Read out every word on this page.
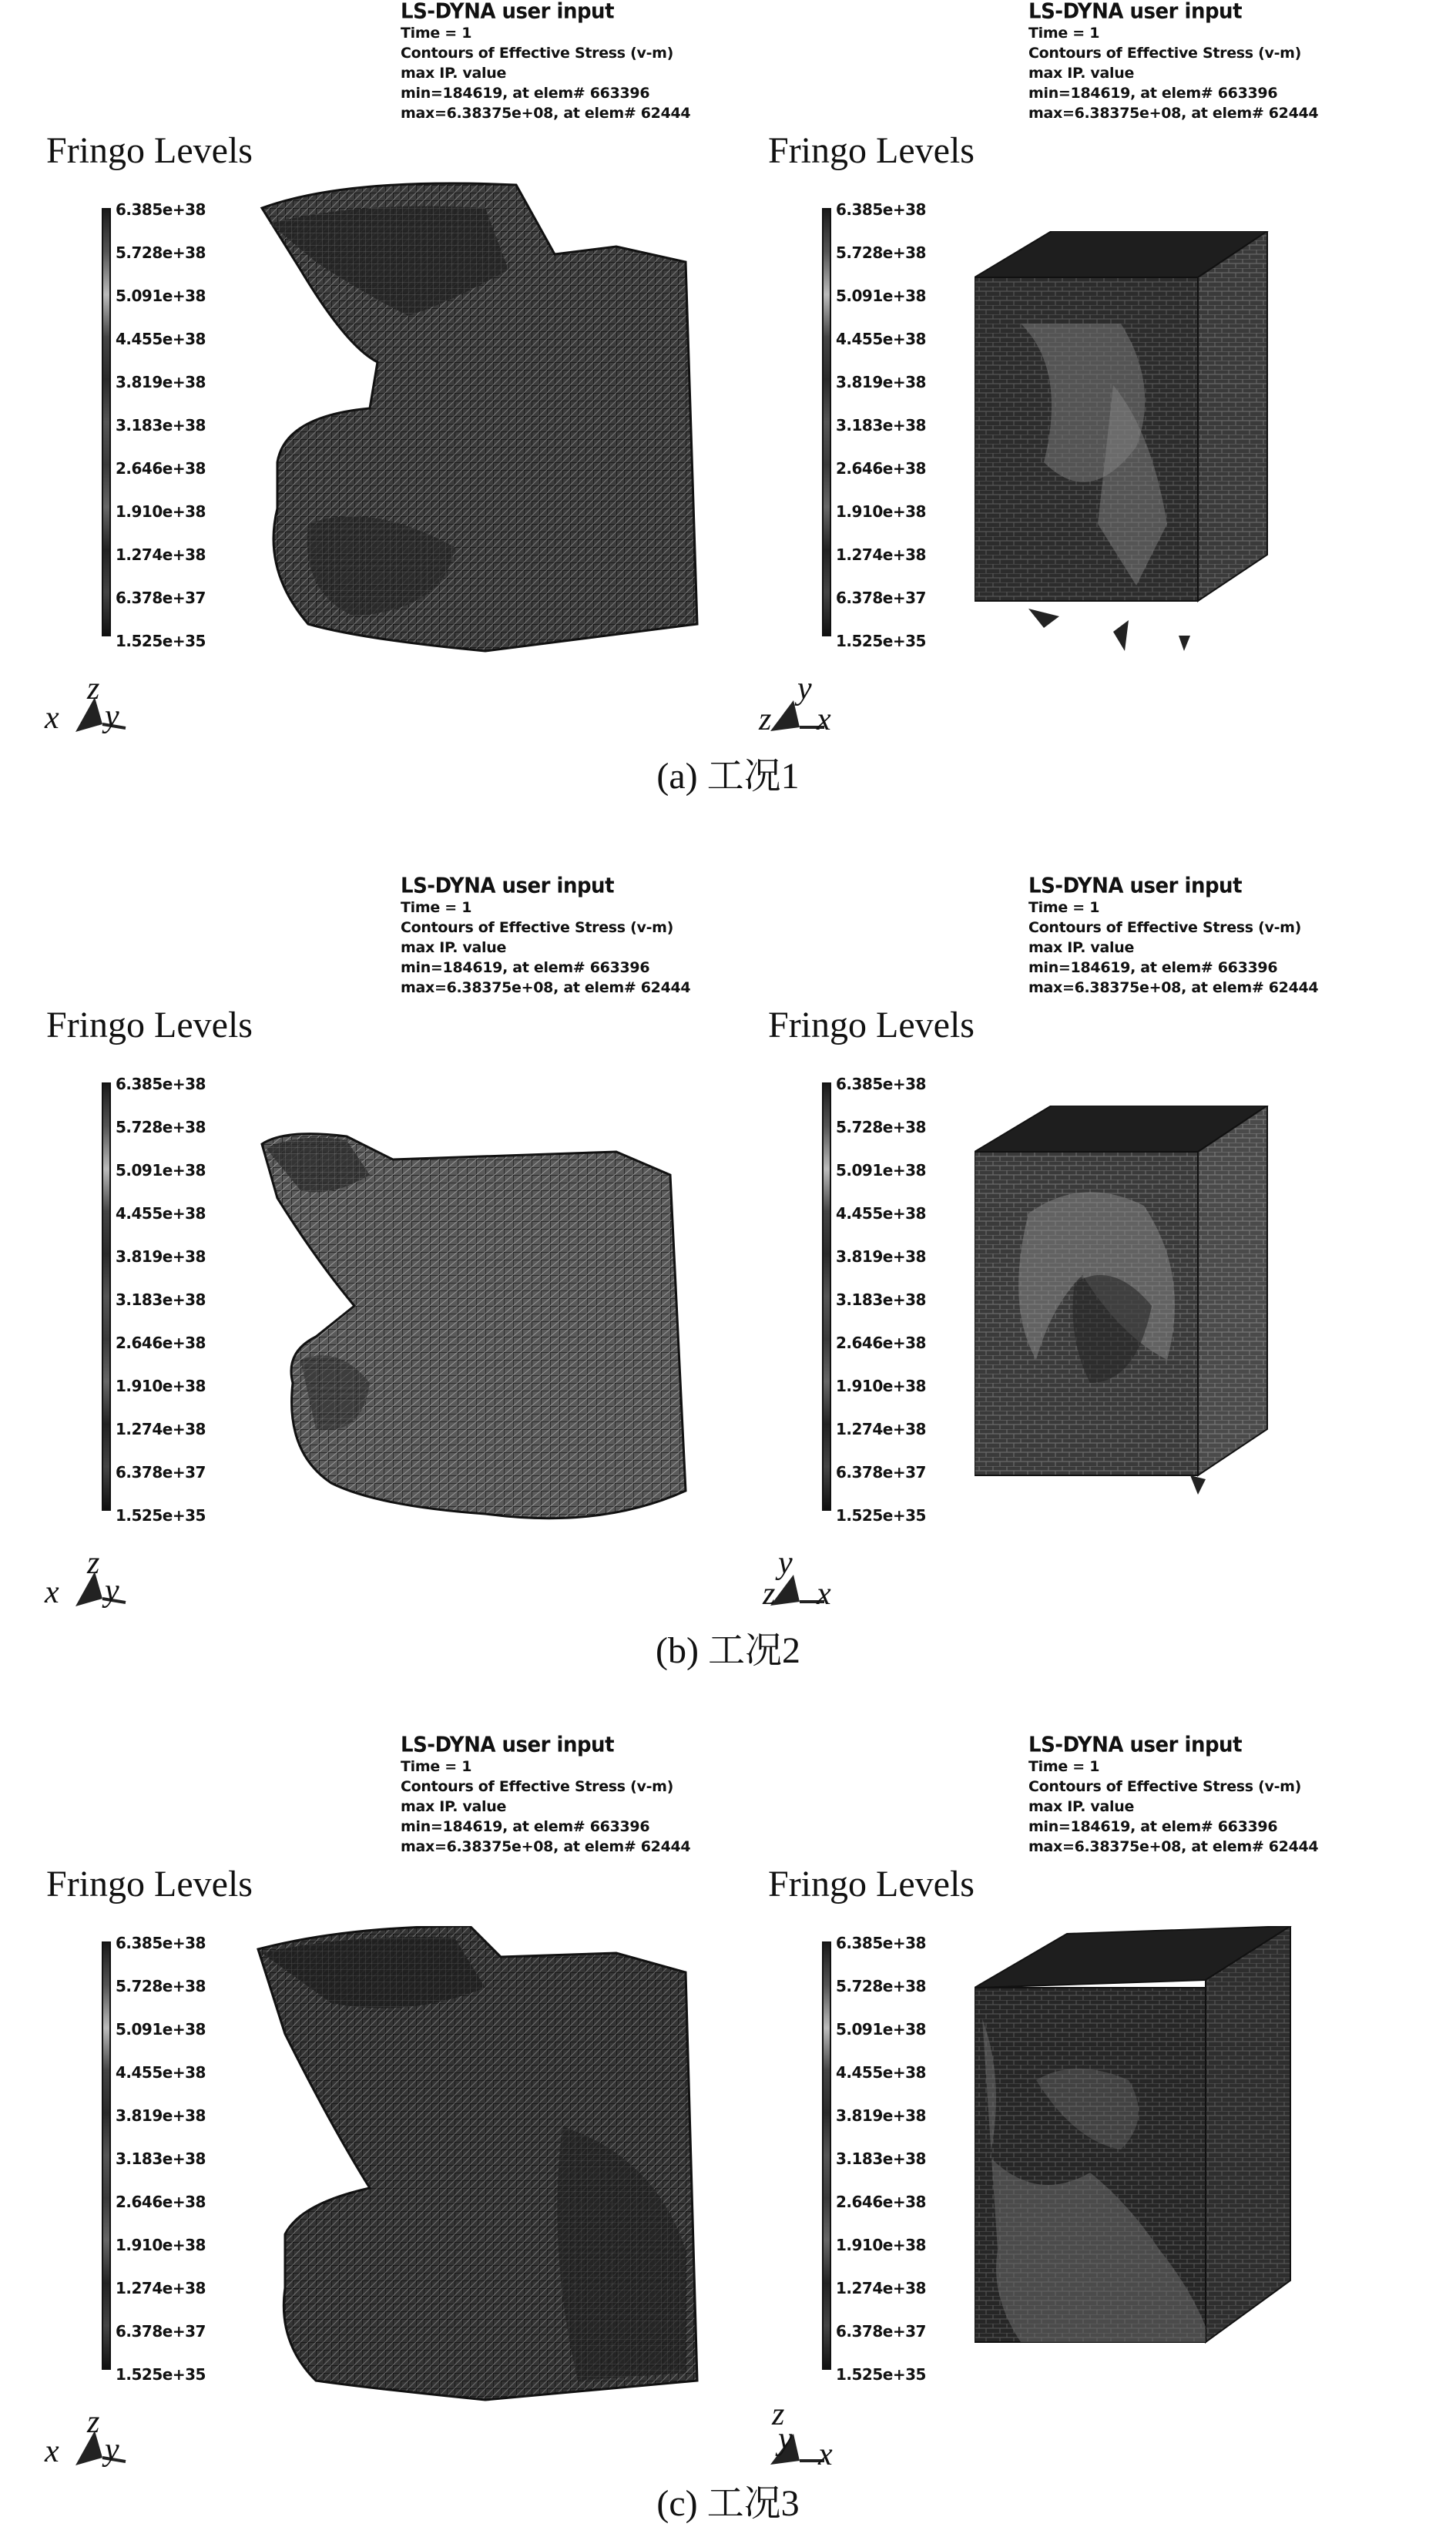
LS-DYNA user input
Time = 1
Contours of Effective Stress (v-m)
max IP. value
min=184619, at elem# 663396
max=6.38375e+08, at elem# 62444
Fringo Levels
6.385e+38
5.728e+38
5.091e+38
4.455e+38
3.819e+38
3.183e+38
2.646e+38
1.910e+38
1.274e+38
6.378e+37
1.525e+35
x
z
y
LS-DYNA user input
Time = 1
Contours of Effective Stress (v-m)
max IP. value
min=184619, at elem# 663396
max=6.38375e+08, at elem# 62444
Fringo Levels
6.385e+38
5.728e+38
5.091e+38
4.455e+38
3.819e+38
3.183e+38
2.646e+38
1.910e+38
1.274e+38
6.378e+37
1.525e+35
y
z x
(a) 工况1
LS-DYNA user input
Time = 1
Contours of Effective Stress (v-m)
max IP. value
min=184619, at elem# 663396
max=6.38375e+08, at elem# 62444
Fringo Levels
6.385e+38
5.728e+38
5.091e+38
4.455e+38
3.819e+38
3.183e+38
2.646e+38
1.910e+38
1.274e+38
6.378e+37
1.525e+35
x
z
y
LS-DYNA user input
Time = 1
Contours of Effective Stress (v-m)
max IP. value
min=184619, at elem# 663396
max=6.38375e+08, at elem# 62444
Fringo Levels
6.385e+38
5.728e+38
5.091e+38
4.455e+38
3.819e+38
3.183e+38
2.646e+38
1.910e+38
1.274e+38
6.378e+37
1.525e+35
y
z x
(b) 工况2
LS-DYNA user input
Time = 1
Contours of Effective Stress (v-m)
max IP. value
min=184619, at elem# 663396
max=6.38375e+08, at elem# 62444
Fringo Levels
6.385e+38
5.728e+38
5.091e+38
4.455e+38
3.819e+38
3.183e+38
2.646e+38
1.910e+38
1.274e+38
6.378e+37
1.525e+35
x
z
y
LS-DYNA user input
Time = 1
Contours of Effective Stress (v-m)
max IP. value
min=184619, at elem# 663396
max=6.38375e+08, at elem# 62444
Fringo Levels
6.385e+38
5.728e+38
5.091e+38
4.455e+38
3.819e+38
3.183e+38
2.646e+38
1.910e+38
1.274e+38
6.378e+37
1.525e+35
z
y x
(c) 工况3
